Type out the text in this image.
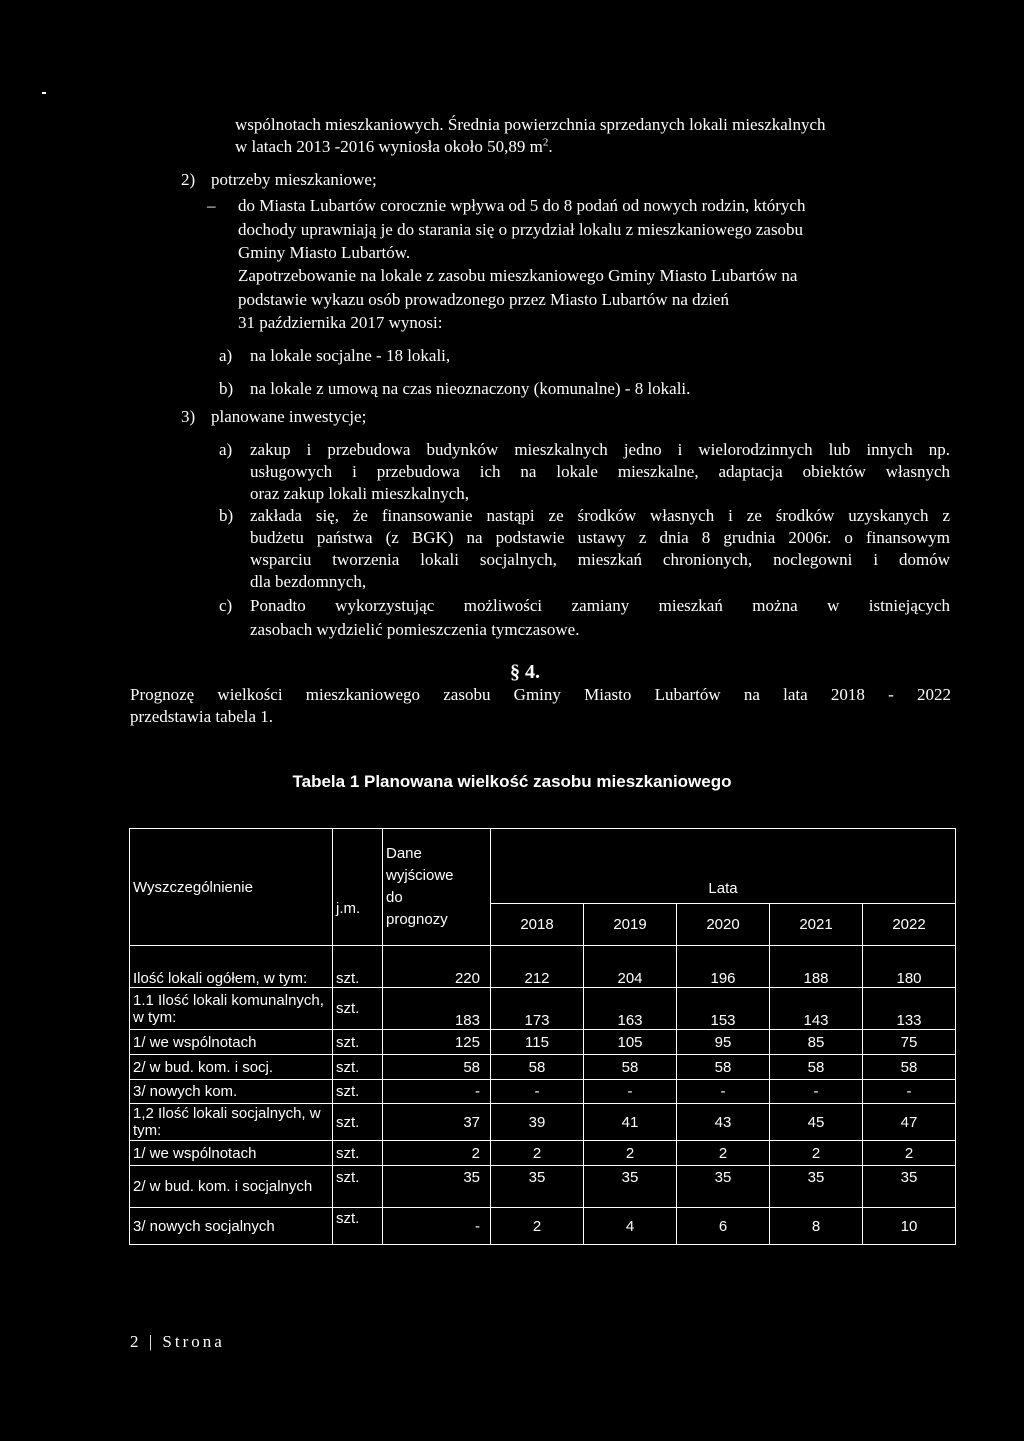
wspólnotach mieszkaniowych. Średnia powierzchnia sprzedanych lokali mieszkalnych
w latach 2013 -2016 wyniosła około 50,89 $m^2$.
2) potrzeby mieszkaniowe;
– do Miasta Lubartów corocznie wpływa od 5 do 8 podań od nowych rodzin, których
dochody uprawniają je do starania się o przydział lokalu z mieszkaniowego zasobu
Gminy Miasto Lubartów.
Zapotrzebowanie na lokale z zasobu mieszkaniowego Gminy Miasto Lubartów na
podstawie wykazu osób prowadzonego przez Miasto Lubartów na dzień
31 października 2017 wynosi:
a) na lokale socjalne - 18 lokali,
b) na lokale z umową na czas nieoznaczony (komunalne) - 8 lokali.
3) planowane inwestycje;
a) zakup i przebudowa budynków mieszkalnych jedno i wielorodzinnych lub innych np.
usługowych i przebudowa ich na lokale mieszkalne, adaptacja obiektów własnych
oraz zakup lokali mieszkalnych,
b) zakłada się, że finansowanie nastąpi ze środków własnych i ze środków uzyskanych z
budżetu państwa (z BGK) na podstawie ustawy z dnia 8 grudnia 2006r. o finansowym
wsparciu tworzenia lokali socjalnych, mieszkań chronionych, noclegowni i domów
dla bezdomnych,
c) Ponadto wykorzystując możliwości zamiany mieszkań można w istniejących
zasobach wydzielić pomieszczenia tymczasowe.
§ 4.
Prognozę wielkości mieszkaniowego zasobu Gminy Miasto Lubartów na lata 2018 - 2022
przedstawia tabela 1.
Tabela 1 Planowana wielkość zasobu mieszkaniowego
Wyszczególnienie	j.m.	Dane
wyjściowe
do
prognozy	Lata				
			2018	2019	2020	2021	2022
Ilość lokali ogółem, w tym:	szt.	220	212	204	196	188	180
1.1 Ilość lokali komunalnych, w tym:	szt.	183	173	163	153	143	133
1/ we wspólnotach	szt.	125	115	105	95	85	75
2/ w bud. kom. i socj.	szt.	58	58	58	58	58	58
3/ nowych kom.	szt.	-	-	-	-	-	-
1,2 Ilość lokali socjalnych, w tym:	szt.	37	39	41	43	45	47
1/ we wspólnotach	szt.	2	2	2	2	2	2
2/ w bud. kom. i socjalnych	szt.	35	35	35	35	35	35
3/ nowych socjalnych	szt.	-	2	4	6	8	10
2 | Strona
